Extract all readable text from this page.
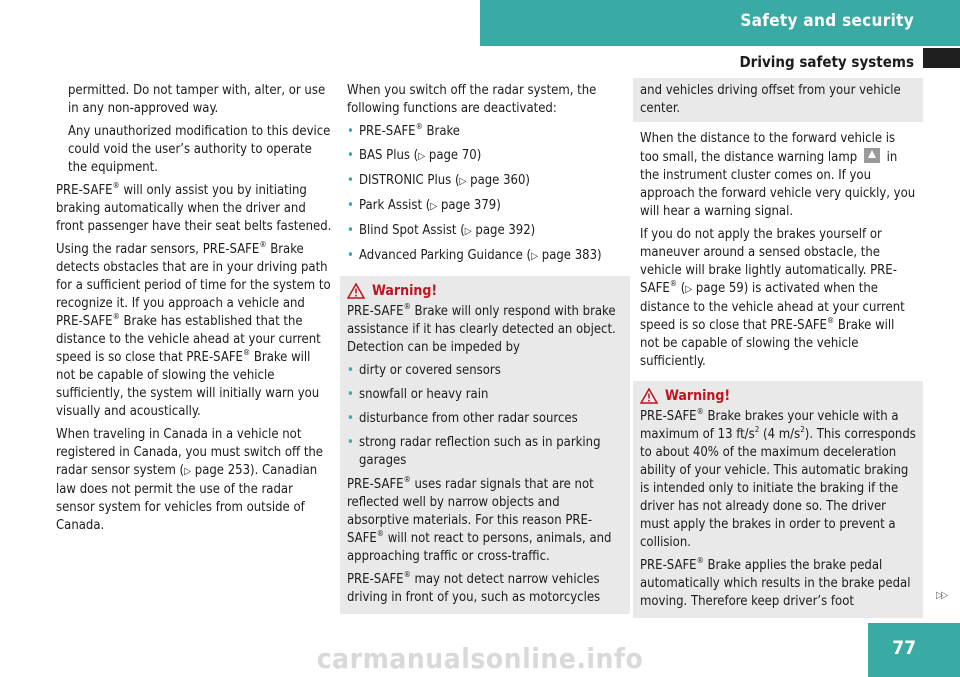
Safety and security
Driving safety systems

permitted. Do not tamper with, alter, or use in any non-approved way.

Any unauthorized modification to this device could void the user’s authority to operate the equipment.

PRE-SAFE® will only assist you by initiating braking automatically when the driver and front passenger have their seat belts fastened.

Using the radar sensors, PRE-SAFE® Brake detects obstacles that are in your driving path for a sufficient period of time for the system to recognize it. If you approach a vehicle and PRE-SAFE® Brake has established that the distance to the vehicle ahead at your current speed is so close that PRE-SAFE® Brake will not be capable of slowing the vehicle sufficiently, the system will initially warn you visually and acoustically.

When traveling in Canada in a vehicle not registered in Canada, you must switch off the radar sensor system (▷ page 253). Canadian law does not permit the use of the radar sensor system for vehicles from outside of Canada.

When you switch off the radar system, the following functions are deactivated:

• PRE-SAFE® Brake
• BAS Plus (▷ page 70)
• DISTRONIC Plus (▷ page 360)
• Park Assist (▷ page 379)
• Blind Spot Assist (▷ page 392)
• Advanced Parking Guidance (▷ page 383)
Warning!

PRE-SAFE® Brake will only respond with brake assistance if it has clearly detected an object. Detection can be impeded by

• dirty or covered sensors
• snowfall or heavy rain
• disturbance from other radar sources
• strong radar reflection such as in parking garages

PRE-SAFE® uses radar signals that are not reflected well by narrow objects and absorptive materials. For this reason PRE-SAFE® will not react to persons, animals, and approaching traffic or cross-traffic.

PRE-SAFE® may not detect narrow vehicles driving in front of you, such as motorcycles

and vehicles driving offset from your vehicle center.

When the distance to the forward vehicle is too small, the distance warning lamp  in the instrument cluster comes on. If you approach the forward vehicle very quickly, you will hear a warning signal.

If you do not apply the brakes yourself or maneuver around a sensed obstacle, the vehicle will brake lightly automatically. PRE-SAFE® (▷ page 59) is activated when the distance to the vehicle ahead at your current speed is so close that PRE-SAFE® Brake will not be capable of slowing the vehicle sufficiently.

Warning!

PRE-SAFE® Brake brakes your vehicle with a maximum of 13 $ft/s^2$ (4 $m/s^2$). This corresponds to about 40% of the maximum deceleration ability of your vehicle. This automatic braking is intended only to initiate the braking if the driver has not already done so. The driver must apply the brakes in order to prevent a collision.

PRE-SAFE® Brake applies the brake pedal automatically which results in the brake pedal moving. Therefore keep driver’s foot	▷▷
77
carmanualsonline.info
